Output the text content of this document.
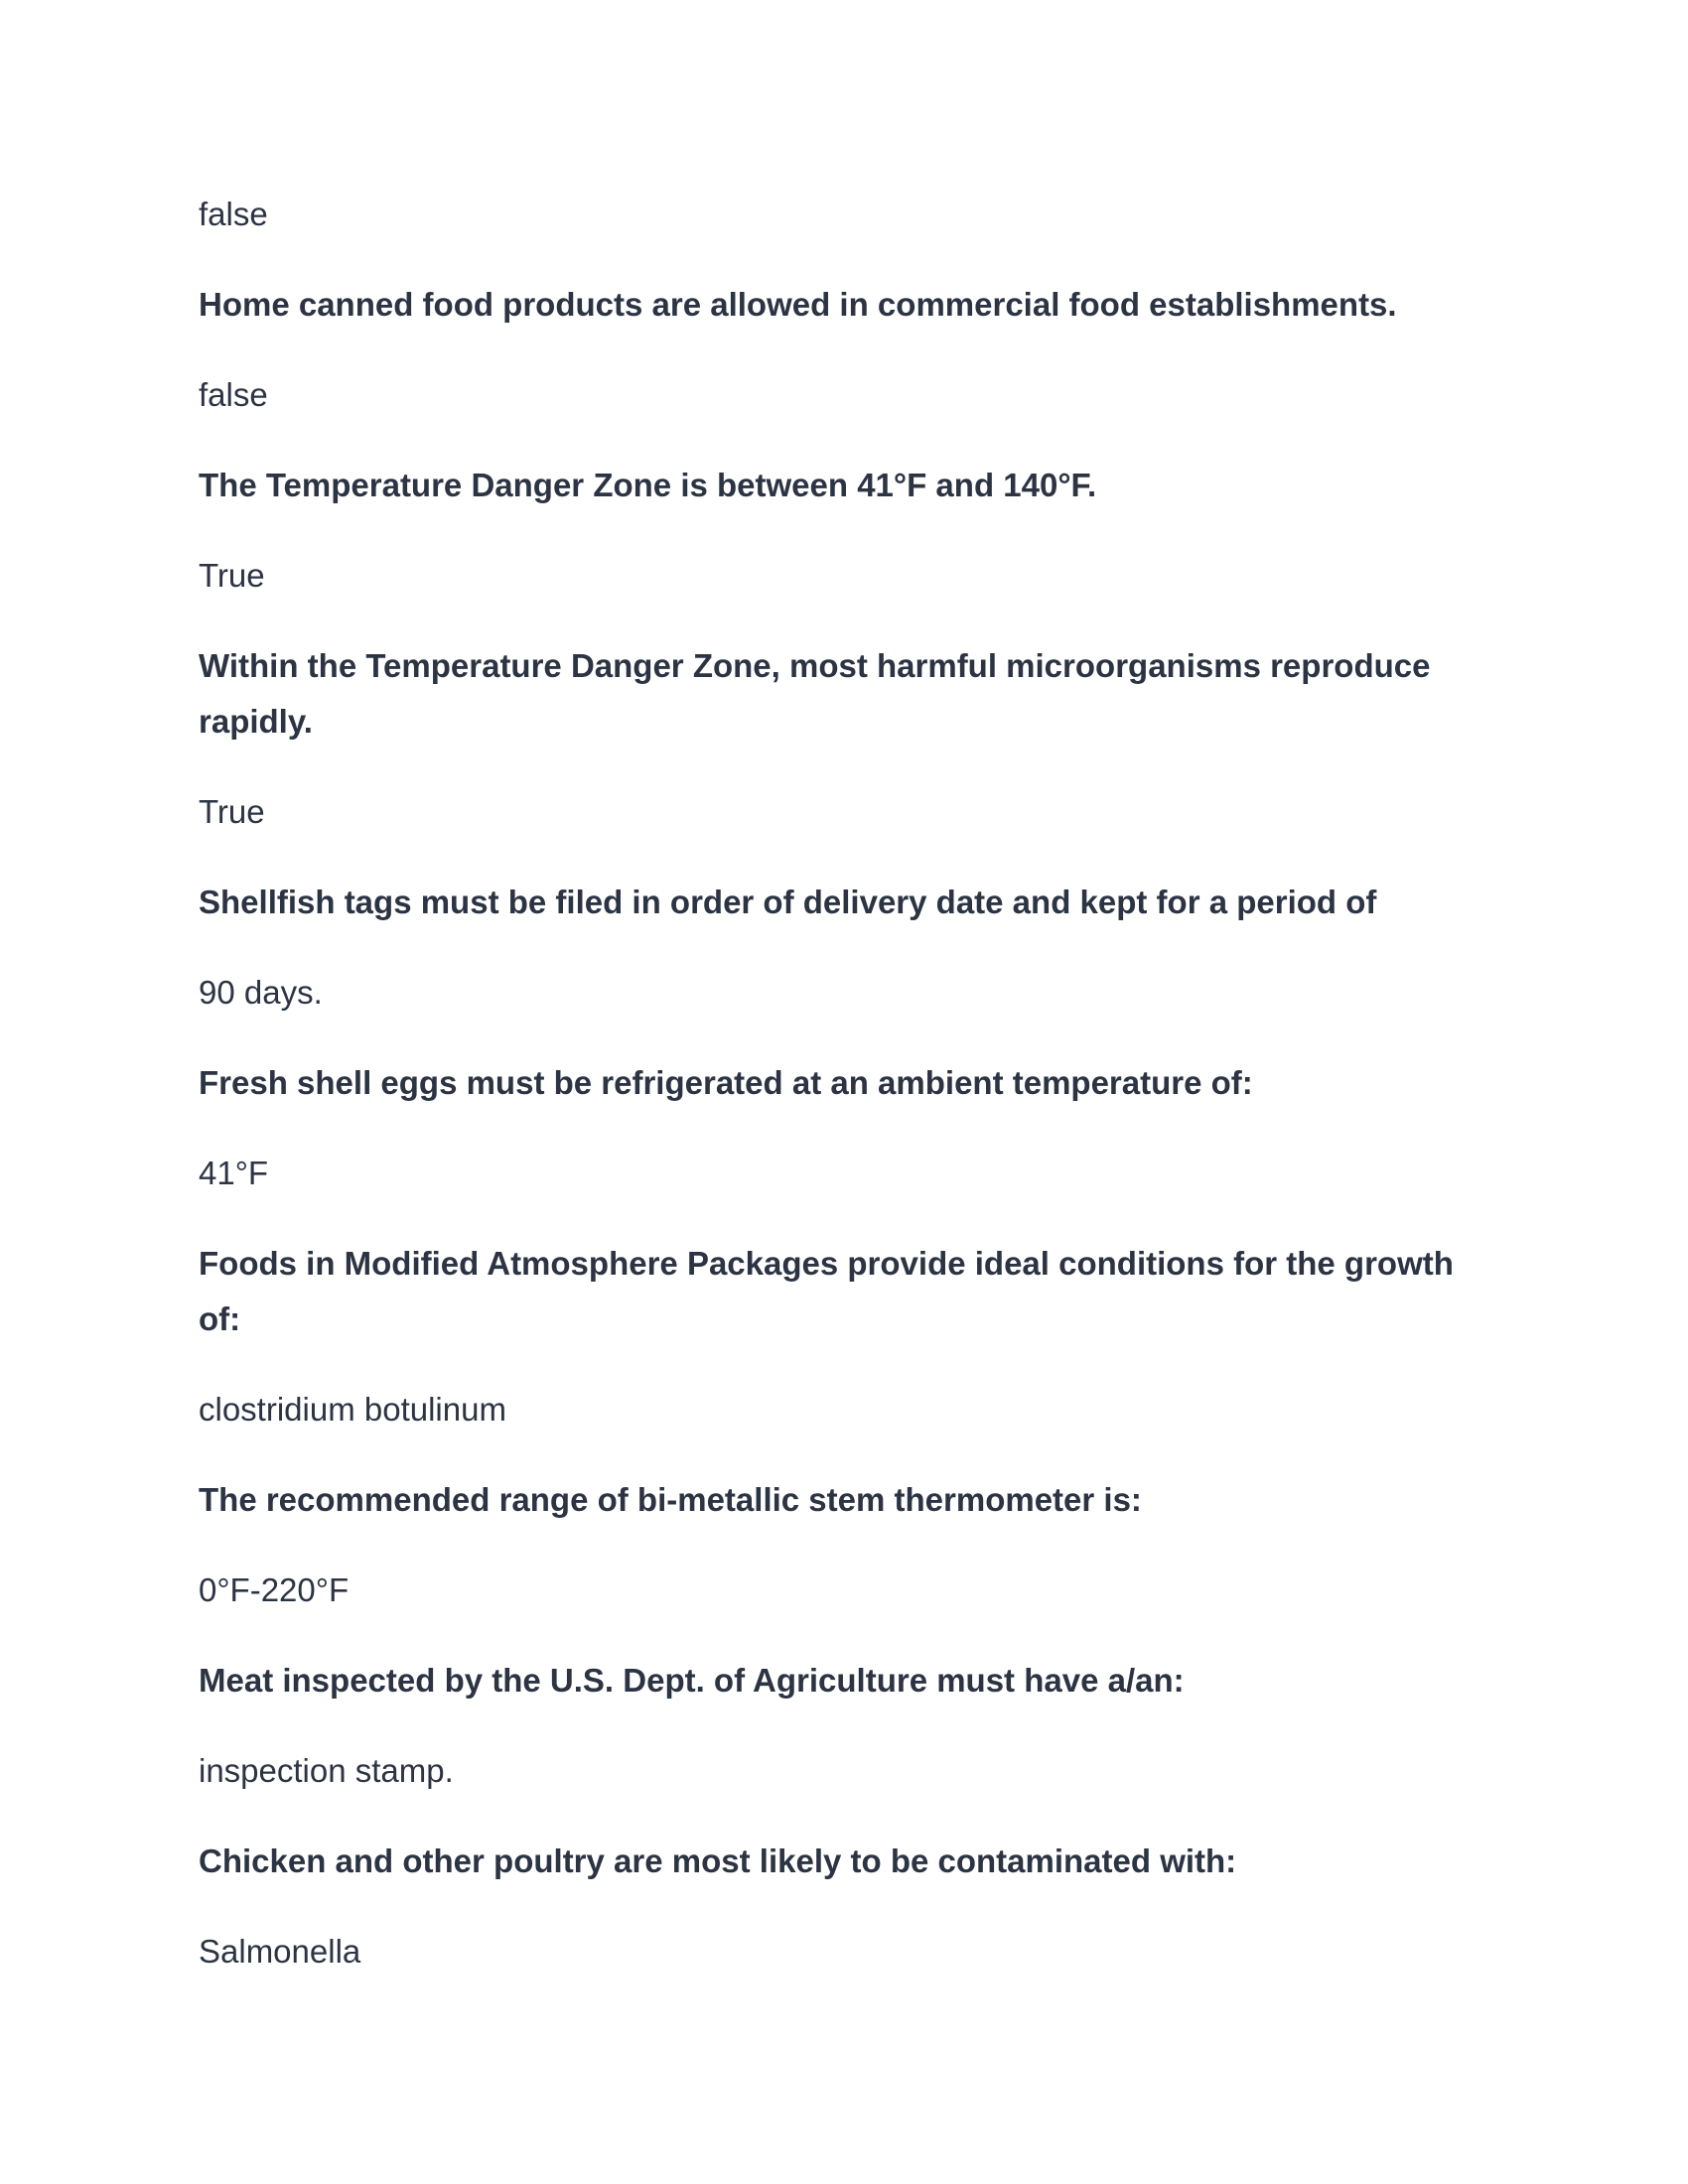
false

Home canned food products are allowed in commercial food establishments.

false

The Temperature Danger Zone is between 41°F and 140°F.

True

Within the Temperature Danger Zone, most harmful microorganisms reproduce rapidly.

True

Shellfish tags must be filed in order of delivery date and kept for a period of

90 days.

Fresh shell eggs must be refrigerated at an ambient temperature of:

41°F

Foods in Modified Atmosphere Packages provide ideal conditions for the growth of:

clostridium botulinum

The recommended range of bi-metallic stem thermometer is:

0°F-220°F

Meat inspected by the U.S. Dept. of Agriculture must have a/an:

inspection stamp.

Chicken and other poultry are most likely to be contaminated with:

Salmonella
